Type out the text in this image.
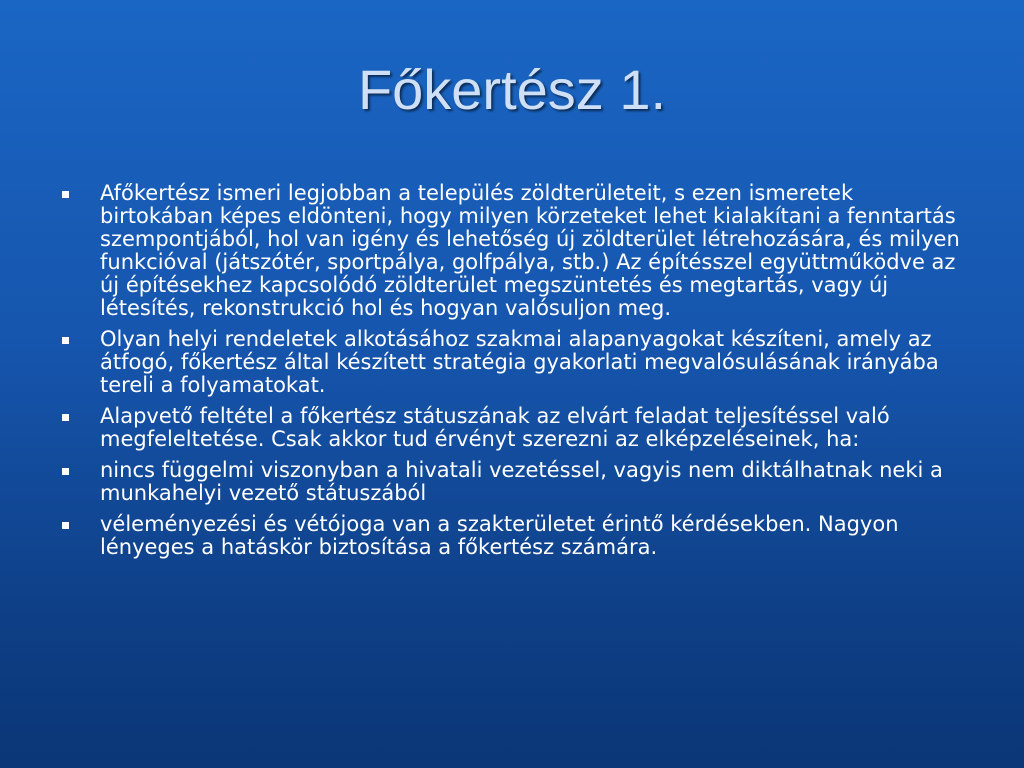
Főkertész 1.
Afőkertész ismeri legjobban a település zöldterületeit, s ezen ismeretek birtokában képes eldönteni, hogy milyen körzeteket lehet kialakítani a fenntartás szempontjából, hol van igény és lehetőség új zöldterület létrehozására, és milyen funkcióval (játszótér, sportpálya, golfpálya, stb.) Az építésszel együttműködve az új építésekhez kapcsolódó zöldterület megszüntetés és megtartás, vagy új létesítés, rekonstrukció hol és hogyan valósuljon meg.
Olyan helyi rendeletek alkotásához szakmai alapanyagokat készíteni, amely az átfogó, főkertész által készített stratégia gyakorlati megvalósulásának irányába tereli a folyamatokat.
Alapvető feltétel a főkertész státuszának az elvárt feladat teljesítéssel való megfeleltetése. Csak akkor tud érvényt szerezni az elképzeléseinek, ha:
nincs függelmi viszonyban a hivatali vezetéssel, vagyis nem diktálhatnak neki a munkahelyi vezető státuszából
véleményezési és vétójoga van a szakterületet érintő kérdésekben. Nagyon lényeges a hatáskör biztosítása a főkertész számára.
